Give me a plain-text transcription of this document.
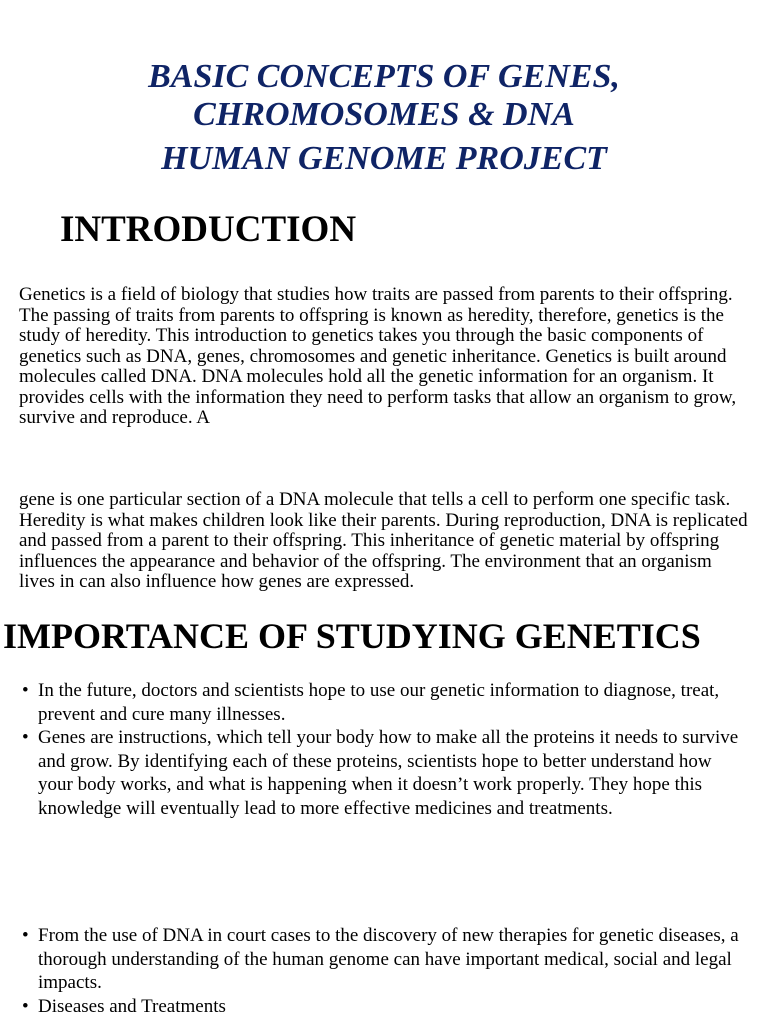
BASIC CONCEPTS OF GENES,
CHROMOSOMES & DNA
HUMAN GENOME PROJECT
INTRODUCTION

Genetics is a field of biology that studies how traits are passed from parents to their offspring. The passing of traits from parents to offspring is known as heredity, therefore, genetics is the study of heredity. This introduction to genetics takes you through the basic components of genetics such as DNA, genes, chromosomes and genetic inheritance. Genetics is built around molecules called DNA. DNA molecules hold all the genetic information for an organism. It provides cells with the information they need to perform tasks that allow an organism to grow, survive and reproduce. A

gene is one particular section of a DNA molecule that tells a cell to perform one specific task. Heredity is what makes children look like their parents. During reproduction, DNA is replicated and passed from a parent to their offspring. This inheritance of genetic material by offspring influences the appearance and behavior of the offspring. The environment that an organism lives in can also influence how genes are expressed.

IMPORTANCE OF STUDYING GENETICS
• In the future, doctors and scientists hope to use our genetic information to diagnose, treat, prevent and cure many illnesses.
• Genes are instructions, which tell your body how to make all the proteins it needs to survive and grow. By identifying each of these proteins, scientists hope to better understand how your body works, and what is happening when it doesn’t work properly. They hope this knowledge will eventually lead to more effective medicines and treatments.
• From the use of DNA in court cases to the discovery of new therapies for genetic diseases, a thorough understanding of the human genome can have important medical, social and legal impacts.
• Diseases and Treatments
